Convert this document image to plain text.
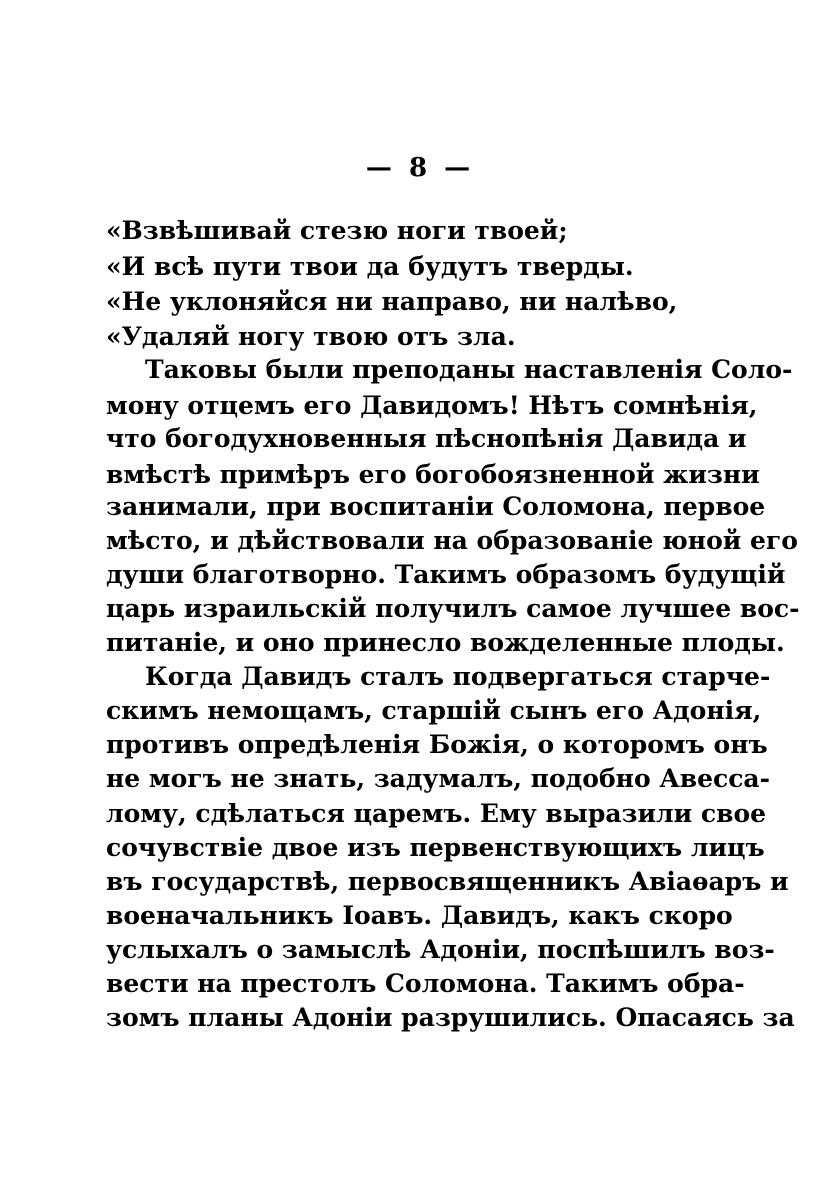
— 8 —
«Взвѣшивай стезю ноги твоей;
«И всѣ пути твои да будутъ тверды.
«Не уклоняйся ни направо, ни налѣво,
«Удаляй ногу твою отъ зла.
Таковы были преподаны наставленія Соло-
мону отцемъ его Давидомъ! Нѣтъ сомнѣнія,
что богодухновенныя пѣснопѣнія Давида и
вмѣстѣ примѣръ его богобоязненной жизни
занимали, при воспитаніи Соломона, первое
мѣсто, и дѣйствовали на образованіе юной его
души благотворно. Такимъ образомъ будущій
царь израильскій получилъ самое лучшее вос-
питаніе, и оно принесло вожделенные плоды.
Когда Давидъ сталъ подвергаться старче-
скимъ немощамъ, старшій сынъ его Адонія,
противъ опредѣленія Божія, о которомъ онъ
не могъ не знать, задумалъ, подобно Авесса-
лому, сдѣлаться царемъ. Ему выразили свое
сочувствіе двое изъ первенствующихъ лицъ
въ государствѣ, первосвященникъ Авіаѳаръ и
военачальникъ Іоавъ. Давидъ, какъ скоро
услыхалъ о замыслѣ Адоніи, поспѣшилъ воз-
вести на престолъ Соломона. Такимъ обра-
зомъ планы Адоніи разрушились. Опасаясь за
